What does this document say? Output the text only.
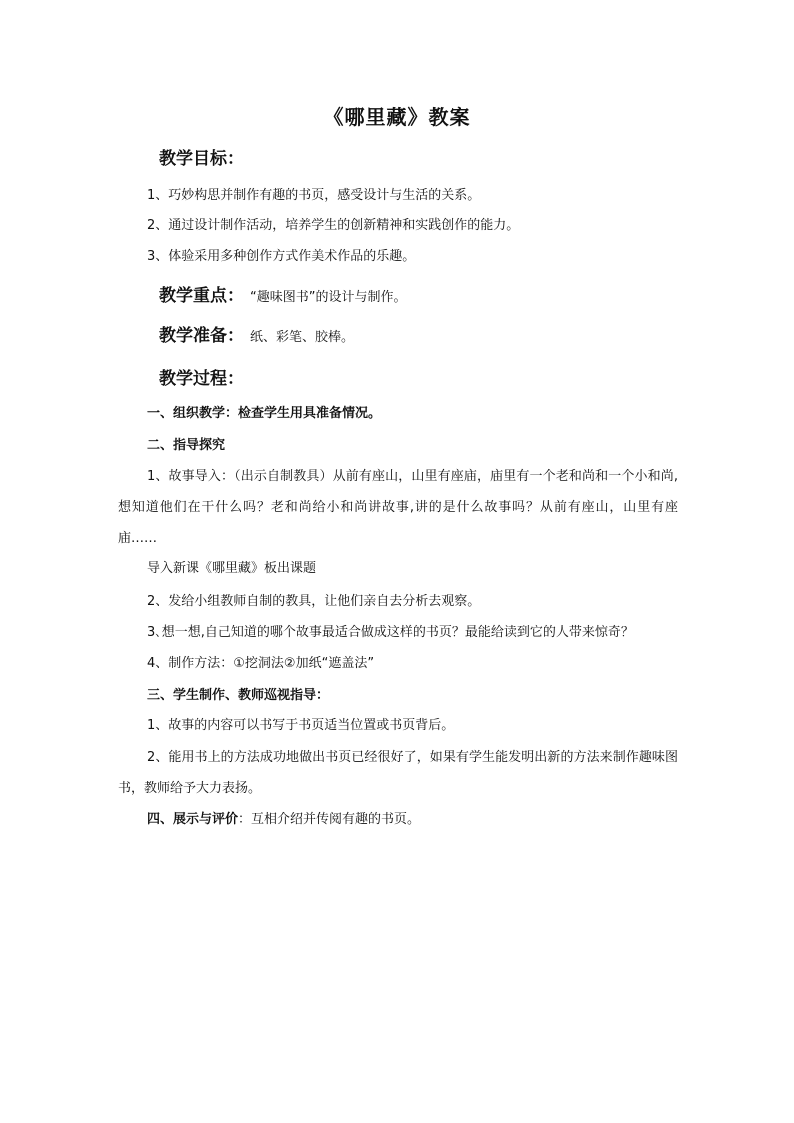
《哪里藏》教案
教学目标：
1、巧妙构思并制作有趣的书页，感受设计与生活的关系。
2、通过设计制作活动，培养学生的创新精神和实践创作的能力。
3、体验采用多种创作方式作美术作品的乐趣。
教学重点： “趣味图书”的设计与制作。
教学准备： 纸、彩笔、胶棒。
教学过程：
一、组织教学：检查学生用具准备情况。
二、指导探究
1、故事导入：（出示自制教具）从前有座山，山里有座庙，庙里有一个老和尚和一个小和尚,想知道他们在干什么吗？老和尚给小和尚讲故事,讲的是什么故事吗？从前有座山，山里有座庙……
导入新课《哪里藏》板出课题
2、发给小组教师自制的教具，让他们亲自去分析去观察。
3､想一想,自己知道的哪个故事最适合做成这样的书页？最能给读到它的人带来惊奇？
4、制作方法：①挖洞法②加纸“遮盖法”
三、学生制作、教师巡视指导：
1、故事的内容可以书写于书页适当位置或书页背后。
2、能用书上的方法成功地做出书页已经很好了，如果有学生能发明出新的方法来制作趣味图书，教师给予大力表扬。
四、展示与评价：互相介绍并传阅有趣的书页。
